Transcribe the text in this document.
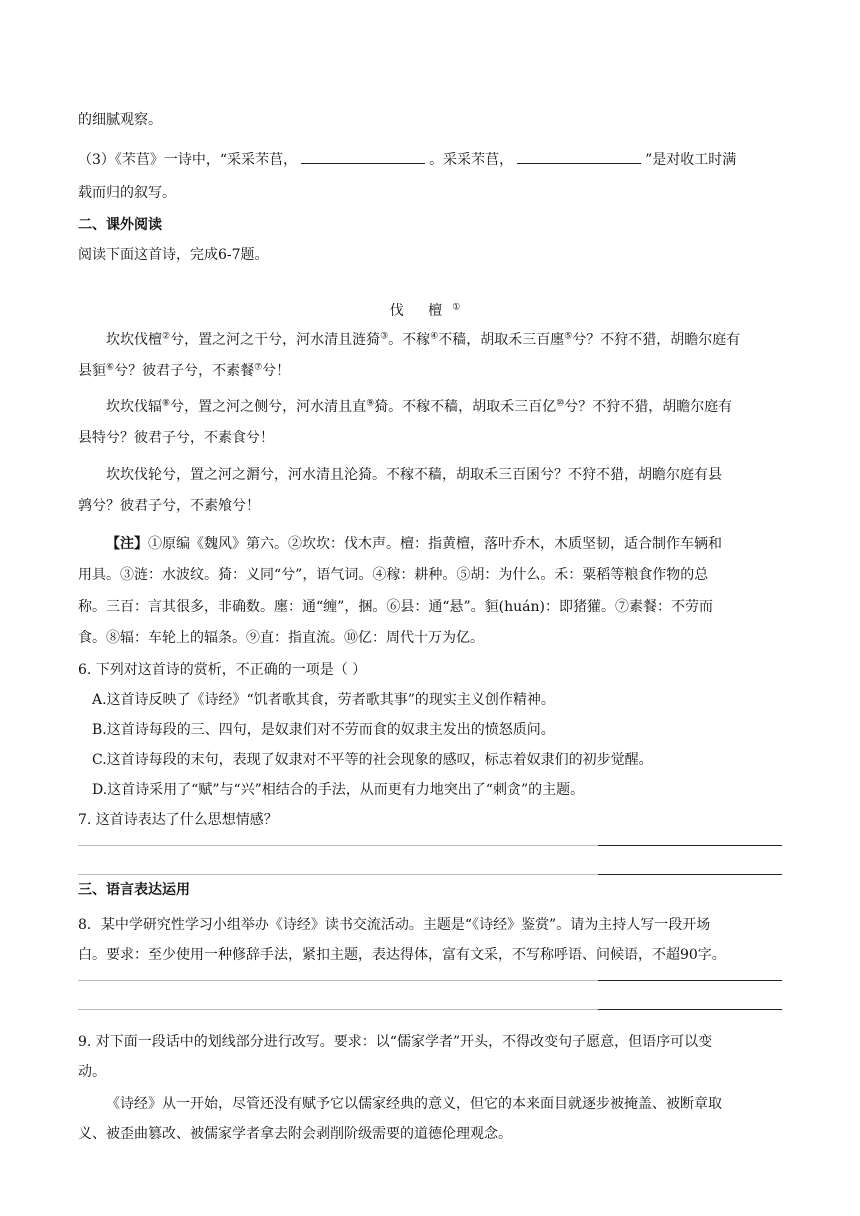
的细腻观察。
（3）《芣苢》一诗中，“采采芣苢，	。采采芣苢，	”是对收工时满
载而归的叙写。
二、课外阅读
阅读下面这首诗，完成6-7题。
伐 檀①
坎坎伐檀②兮，置之河之干兮，河水清且涟猗③。不稼④不穑，胡取禾三百廛⑤兮？不狩不猎，胡瞻尔庭有
县貆⑥兮？彼君子兮，不素餐⑦兮！
坎坎伐辐⑧兮，置之河之侧兮，河水清且直⑨猗。不稼不穑，胡取禾三百亿⑩兮？不狩不猎，胡瞻尔庭有
县特兮？彼君子兮，不素食兮！
坎坎伐轮兮，置之河之漘兮，河水清且沦猗。不稼不穑，胡取禾三百囷兮？不狩不猎，胡瞻尔庭有县
鹑兮？彼君子兮，不素飧兮！
【注】①原编《魏风》第六。②坎坎：伐木声。檀：指黄檀，落叶乔木，木质坚韧，适合制作车辆和
用具。③涟：水波纹。猗：义同“兮”，语气词。④稼：耕种。⑤胡：为什么。禾：粟稻等粮食作物的总
称。三百：言其很多，非确数。廛：通“缠”，捆。⑥县：通“悬”。貆(huán)：即猪獾。⑦素餐：不劳而
食。⑧辐：车轮上的辐条。⑨直：指直流。⑩亿：周代十万为亿。
6. 下列对这首诗的赏析，不正确的一项是（ ）
A.这首诗反映了《诗经》“饥者歌其食，劳者歌其事”的现实主义创作精神。
B.这首诗每段的三、四句，是奴隶们对不劳而食的奴隶主发出的愤怒质问。
C.这首诗每段的末句，表现了奴隶对不平等的社会现象的感叹，标志着奴隶们的初步觉醒。
D.这首诗采用了“赋”与“兴”相结合的手法，从而更有力地突出了“刺贪”的主题。
7. 这首诗表达了什么思想情感？
三、语言表达运用
8．某中学研究性学习小组举办《诗经》读书交流活动。主题是“《诗经》鉴赏”。请为主持人写一段开场
白。要求：至少使用一种修辞手法，紧扣主题，表达得体，富有文采，不写称呼语、问候语，不超90字。
9. 对下面一段话中的划线部分进行改写。要求：以“儒家学者”开头，不得改变句子愿意，但语序可以变
动。
《诗经》从一开始，尽管还没有赋予它以儒家经典的意义，但它的本来面目就逐步被掩盖、被断章取
义、被歪曲篡改、被儒家学者拿去附会剥削阶级需要的道德伦理观念。
